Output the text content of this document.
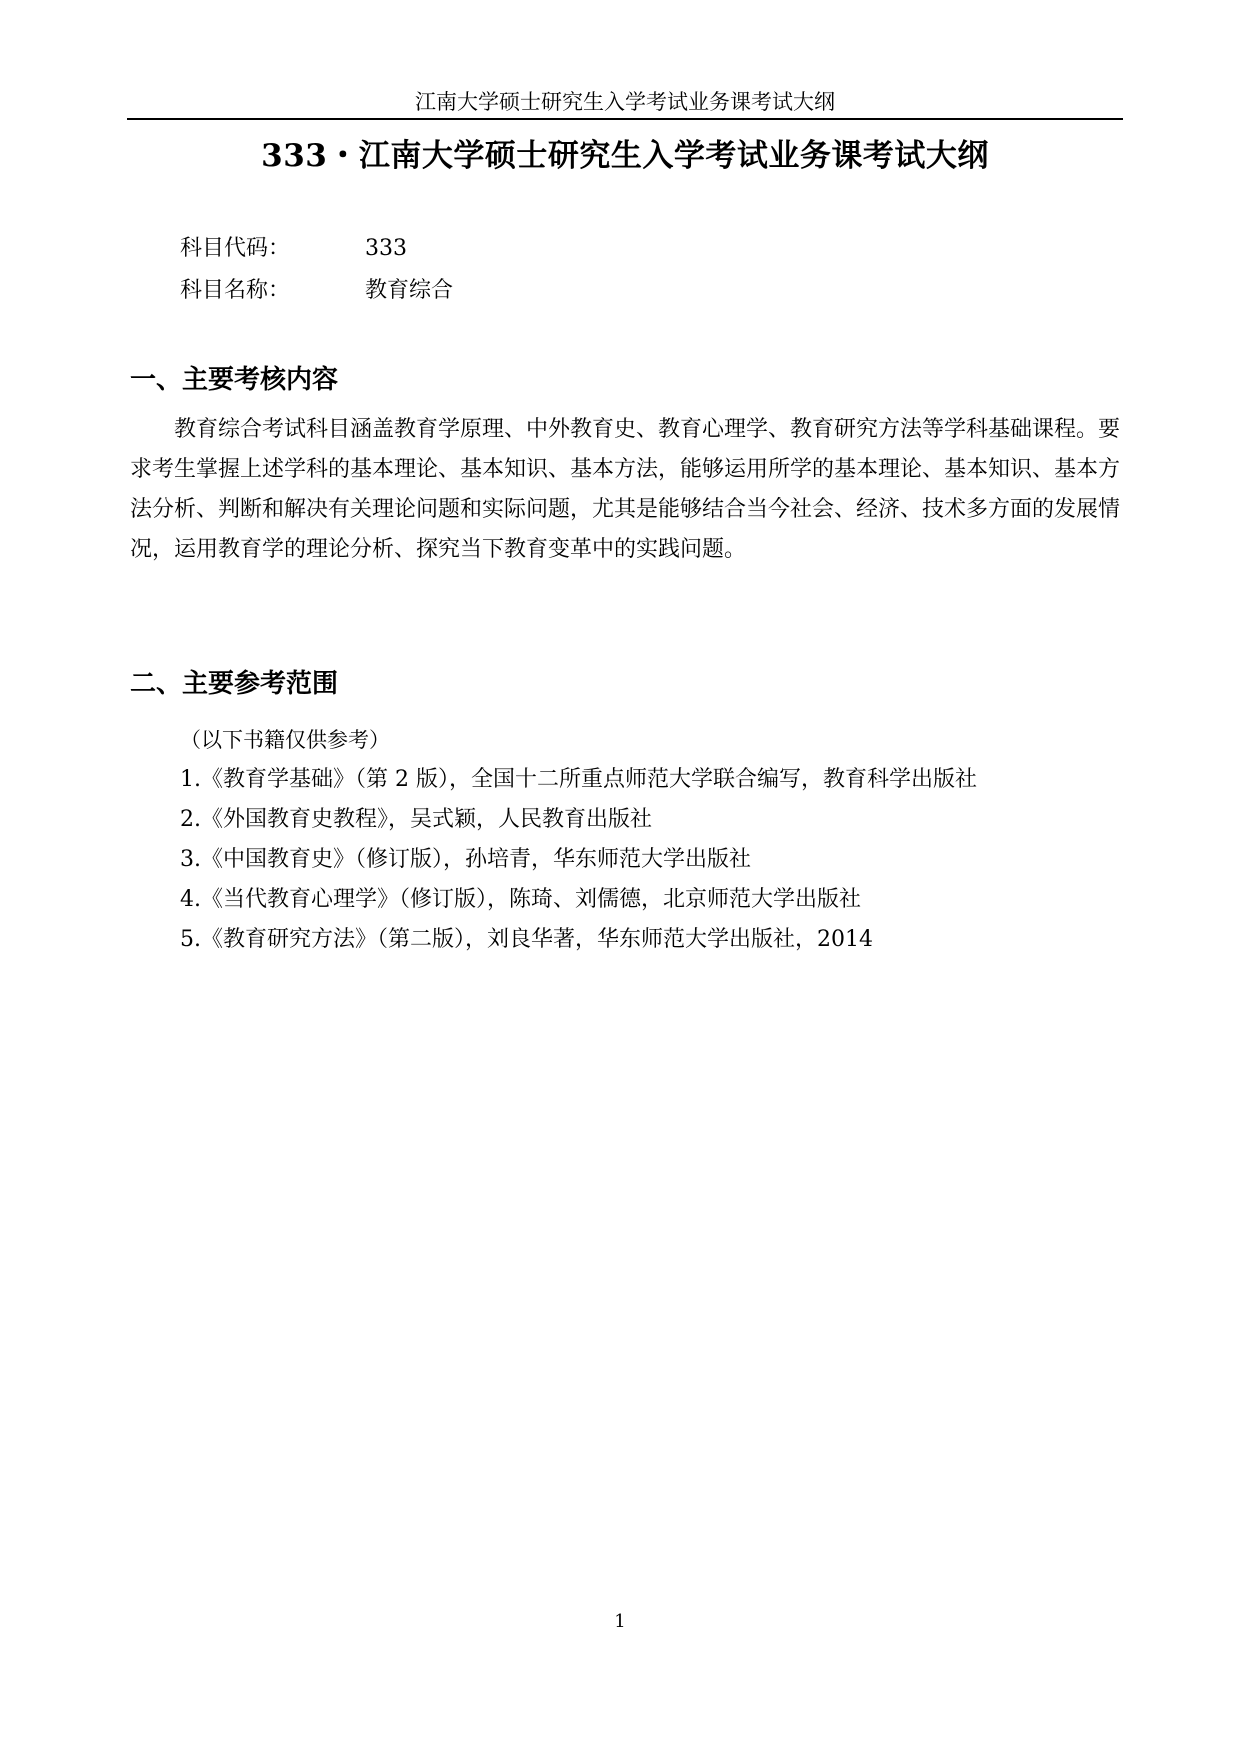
江南大学硕士研究生入学考试业务课考试大纲
333・江南大学硕士研究生入学考试业务课考试大纲
科目代码：	333
科目名称：	教育综合
一、主要考核内容
教育综合考试科目涵盖教育学原理、中外教育史、教育心理学、教育研究方法等学科基础课程。要求考生掌握上述学科的基本理论、基本知识、基本方法，能够运用所学的基本理论、基本知识、基本方法分析、判断和解决有关理论问题和实际问题，尤其是能够结合当今社会、经济、技术多方面的发展情况，运用教育学的理论分析、探究当下教育变革中的实践问题。
二、主要参考范围
（以下书籍仅供参考）
1.《教育学基础》（第 2 版），全国十二所重点师范大学联合编写，教育科学出版社
2.《外国教育史教程》，吴式颖，人民教育出版社
3.《中国教育史》（修订版），孙培青，华东师范大学出版社
4.《当代教育心理学》（修订版），陈琦、刘儒德，北京师范大学出版社
5.《教育研究方法》（第二版），刘良华著，华东师范大学出版社，2014
1
